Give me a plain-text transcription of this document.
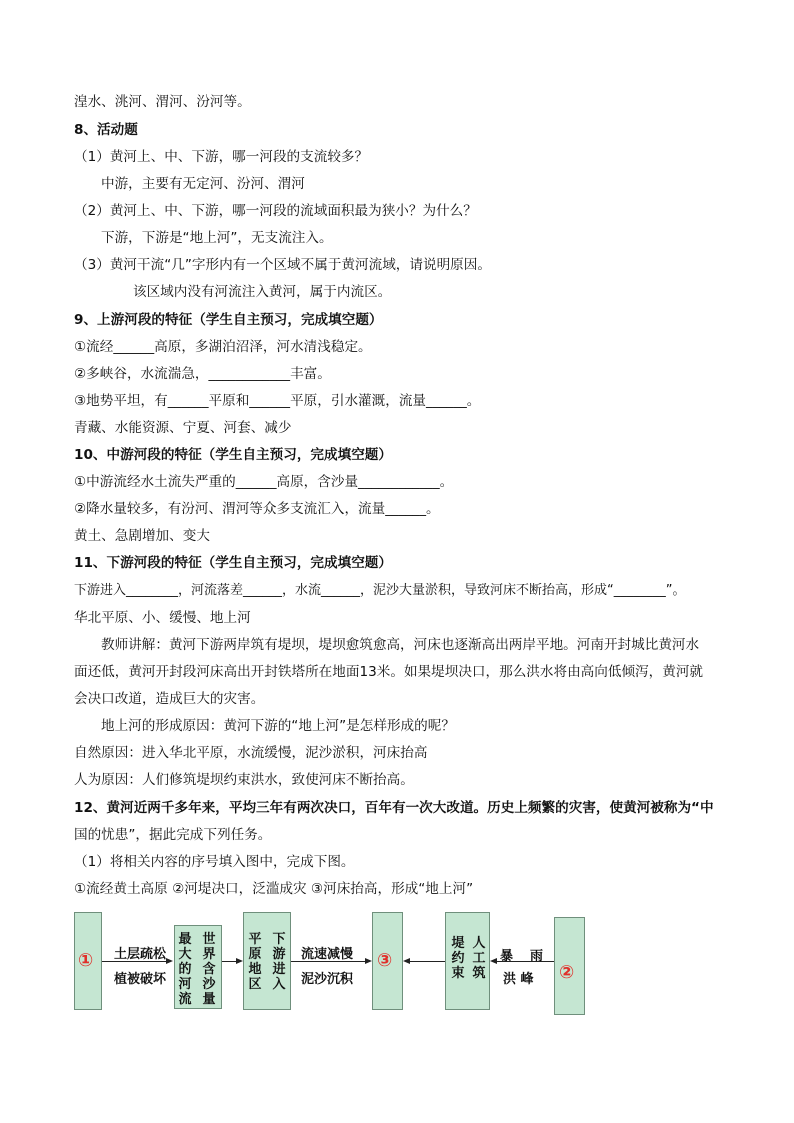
湟水、洮河、渭河、汾河等。
8、活动题
（1）黄河上、中、下游，哪一河段的支流较多？
中游，主要有无定河、汾河、渭河
（2）黄河上、中、下游，哪一河段的流域面积最为狭小？为什么？
下游，下游是“地上河”，无支流注入。
（3）黄河干流“几”字形内有一个区域不属于黄河流域，请说明原因。
该区域内没有河流注入黄河，属于内流区。
9、上游河段的特征（学生自主预习，完成填空题）
①流经______高原，多湖泊沼泽，河水清浅稳定。
②多峡谷，水流湍急，____________丰富。
③地势平坦，有______平原和______平原，引水灌溉，流量______。
青藏、水能资源、宁夏、河套、减少
10、中游河段的特征（学生自主预习，完成填空题）
①中游流经水土流失严重的______高原，含沙量____________。
②降水量较多，有汾河、渭河等众多支流汇入，流量______。
黄土、急剧增加、变大
11、下游河段的特征（学生自主预习，完成填空题）
下游进入________，河流落差______，水流______，泥沙大量淤积，导致河床不断抬高，形成“________”。
华北平原、小、缓慢、地上河
教师讲解：黄河下游两岸筑有堤坝，堤坝愈筑愈高，河床也逐渐高出两岸平地。河南开封城比黄河水
面还低，黄河开封段河床高出开封铁塔所在地面13米。如果堤坝决口，那么洪水将由高向低倾泻，黄河就
会决口改道，造成巨大的灾害。
地上河的形成原因：黄河下游的“地上河”是怎样形成的呢？
自然原因：进入华北平原，水流缓慢，泥沙淤积，河床抬高
人为原因：人们修筑堤坝约束洪水，致使河床不断抬高。
12、黄河近两千多年来，平均三年有两次决口，百年有一次大改道。历史上频繁的灾害，使黄河被称为“中
国的忧患”，据此完成下列任务。
（1）将相关内容的序号填入图中，完成下图。
①流经黄土高原 ②河堤决口，泛滥成灾 ③河床抬高，形成“地上河”
① 土层疏松
植被破坏
最大的河流
世界含沙量
平原地区
下游进入
流速减慢
泥沙沉积
③
堤约束
人工筑
暴 雨
洪 峰 ②
